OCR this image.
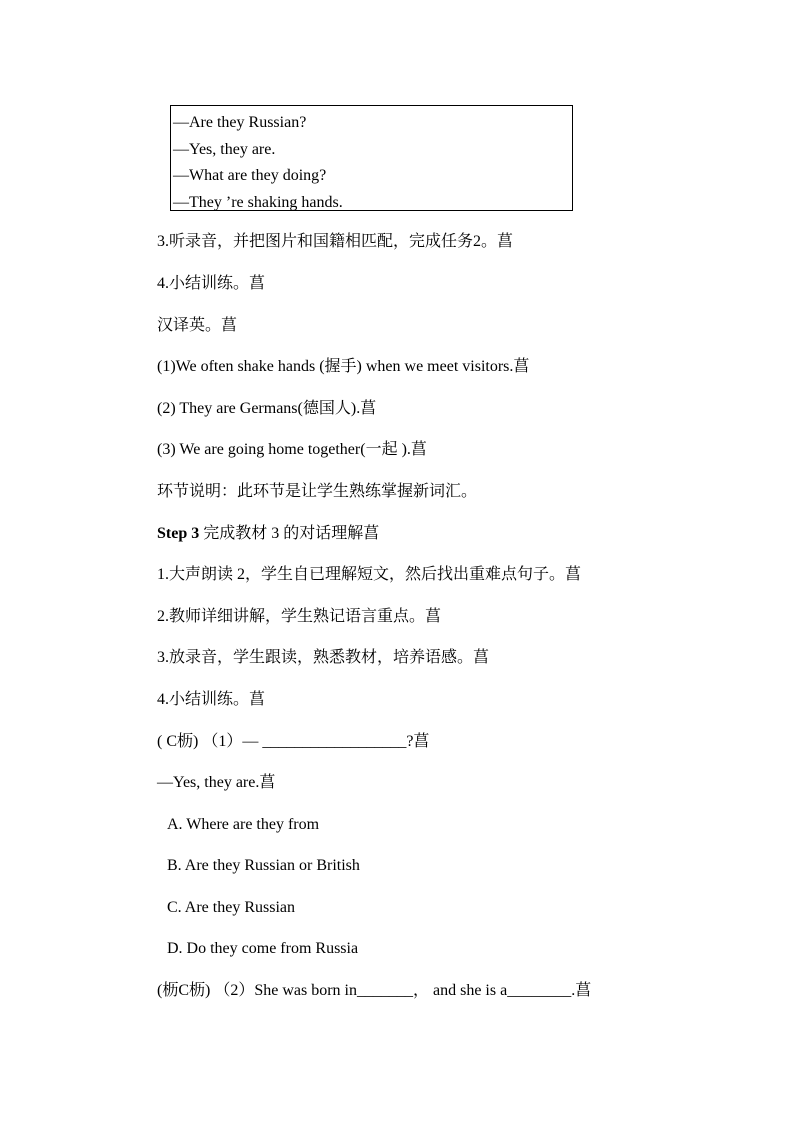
—Are they Russian?
—Yes, they are.
—What are they doing?
—They ’re shaking hands.
3.听录音，并把图片和国籍相匹配，完成任务2。菖
4.小结训练。菖
汉译英。菖
(1)We often shake hands (握手) when we meet visitors.菖
(2) They are Germans(德国人).菖
(3) We are going home together(一起 ).菖
环节说明：此环节是让学生熟练掌握新词汇。
Step 3 完成教材 3 的对话理解菖
1.大声朗读 2，学生自已理解短文，然后找出重难点句子。菖
2.教师详细讲解，学生熟记语言重点。菖
3.放录音，学生跟读，熟悉教材，培养语感。菖
4.小结训练。菖
( C枥) （1）— __________________?菖
—Yes, they are.菖
A. Where are they from
B. Are they Russian or British
C. Are they Russian
D. Do they come from Russia
(枥C枥) （2）She was born in_______， and she is a________.菖
